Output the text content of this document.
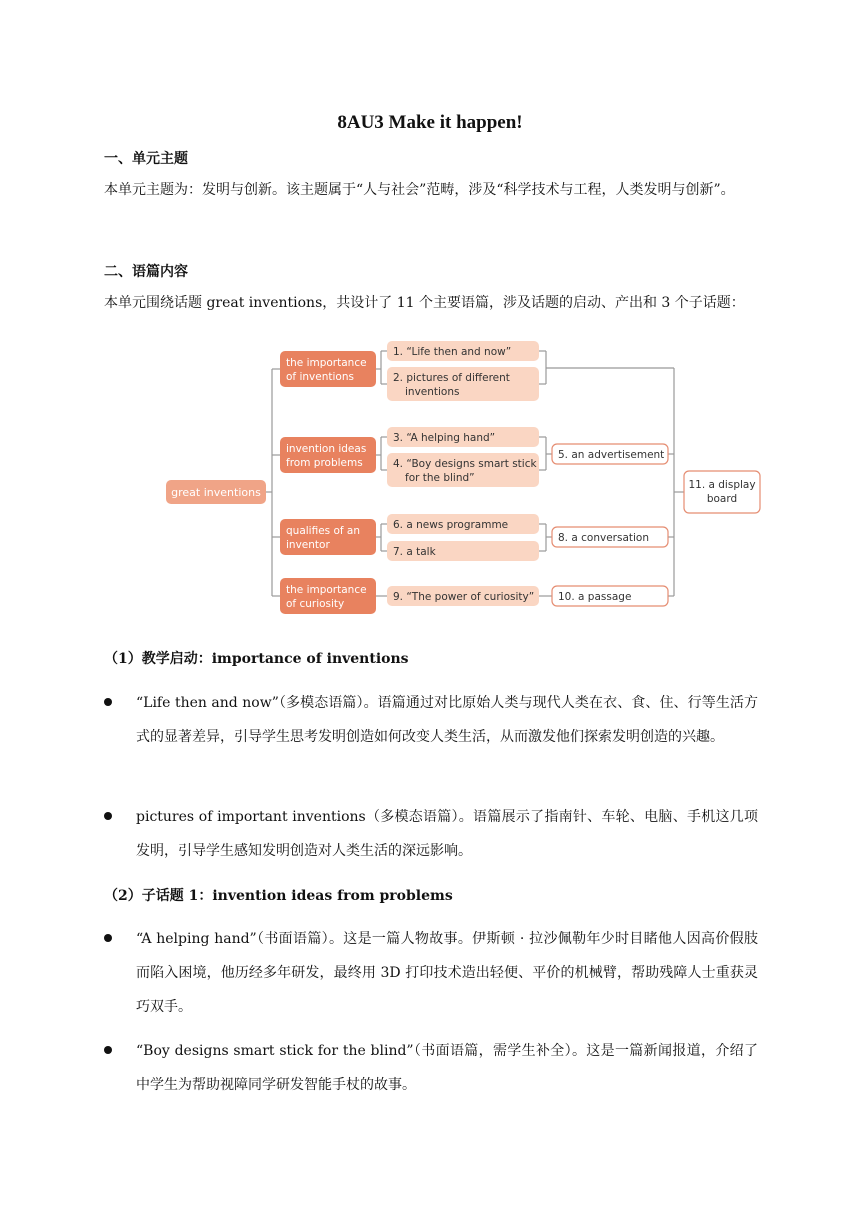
8AU3 Make it happen!
一、单元主题
本单元主题为：发明与创新。该主题属于“人与社会”范畴，涉及“科学技术与工程，人类发明与创新”。
二、语篇内容
本单元围绕话题 great inventions，共设计了 11 个主要语篇，涉及话题的启动、产出和 3 个子话题：
great inventions
the importance
of inventions
invention ideas
from problems
qualifies of an
inventor
the importance
of curiosity
1. “Life then and now”
2. pictures of different
inventions
3. “A helping hand”
4. “Boy designs smart stick
for the blind”
6. a news programme
7. a talk
9. “The power of curiosity”
5. an advertisement
8. a conversation
10. a passage
11. a display
board
（1）教学启动：importance of inventions
“Life then and now”（多模态语篇）。语篇通过对比原始人类与现代人类在衣、食、住、行等生活方式的显著差异，引导学生思考发明创造如何改变人类生活，从而激发他们探索发明创造的兴趣。
pictures of important inventions（多模态语篇）。语篇展示了指南针、车轮、电脑、手机这几项发明，引导学生感知发明创造对人类生活的深远影响。
（2）子话题 1：invention ideas from problems
“A helping hand”（书面语篇）。这是一篇人物故事。伊斯顿 · 拉沙佩勒年少时目睹他人因高价假肢而陷入困境，他历经多年研发，最终用 3D 打印技术造出轻便、平价的机械臂，帮助残障人士重获灵巧双手。
“Boy designs smart stick for the blind”（书面语篇，需学生补全）。这是一篇新闻报道，介绍了中学生为帮助视障同学研发智能手杖的故事。
